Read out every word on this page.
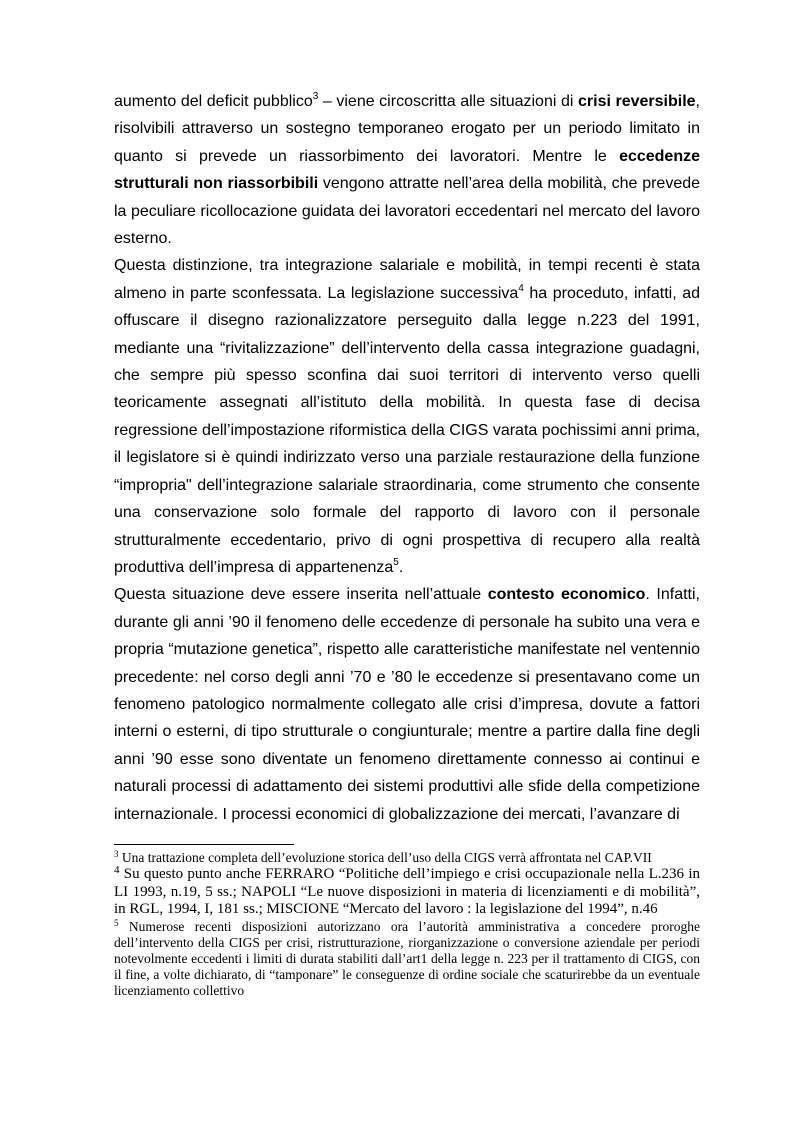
aumento del deficit pubblico$^3$ – viene circoscritta alle situazioni di crisi reversibile, risolvibili attraverso un sostegno temporaneo erogato per un periodo limitato in quanto si prevede un riassorbimento dei lavoratori. Mentre le eccedenze strutturali non riassorbibili vengono attratte nell’area della mobilità, che prevede la peculiare ricollocazione guidata dei lavoratori eccedentari nel mercato del lavoro esterno.

Questa distinzione, tra integrazione salariale e mobilità, in tempi recenti è stata almeno in parte sconfessata. La legislazione successiva$^4$ ha proceduto, infatti, ad offuscare il disegno razionalizzatore perseguito dalla legge n.223 del 1991, mediante una “rivitalizzazione” dell’intervento della cassa integrazione guadagni, che sempre più spesso sconfina dai suoi territori di intervento verso quelli teoricamente assegnati all’istituto della mobilità. In questa fase di decisa regressione dell’impostazione riformistica della CIGS varata pochissimi anni prima, il legislatore si è quindi indirizzato verso una parziale restaurazione della funzione “impropria" dell’integrazione salariale straordinaria, come strumento che consente una conservazione solo formale del rapporto di lavoro con il personale strutturalmente eccedentario, privo di ogni prospettiva di recupero alla realtà produttiva dell’impresa di appartenenza$^5$.

Questa situazione deve essere inserita nell’attuale contesto economico. Infatti, durante gli anni ’90 il fenomeno delle eccedenze di personale ha subito una vera e propria “mutazione genetica”, rispetto alle caratteristiche manifestate nel ventennio precedente: nel corso degli anni ’70 e ’80 le eccedenze si presentavano come un fenomeno patologico normalmente collegato alle crisi d’impresa, dovute a fattori interni o esterni, di tipo strutturale o congiunturale; mentre a partire dalla fine degli anni ’90 esse sono diventate un fenomeno direttamente connesso ai continui e naturali processi di adattamento dei sistemi produttivi alle sfide della competizione internazionale. I processi economici di globalizzazione dei mercati, l’avanzare di

$^3$ Una trattazione completa dell’evoluzione storica dell’uso della CIGS verrà affrontata nel CAP.VII

$^4$ Su questo punto anche FERRARO “Politiche dell’impiego e crisi occupazionale nella L.236 in LI 1993, n.19, 5 ss.; NAPOLI “Le nuove disposizioni in materia di licenziamenti e di mobilità”, in RGL, 1994, I, 181 ss.; MISCIONE “Mercato del lavoro : la legislazione del 1994”, n.46

$^5$ Numerose recenti disposizioni autorizzano ora l’autorità amministrativa a concedere proroghe dell’intervento della CIGS per crisi, ristrutturazione, riorganizzazione o conversione aziendale per periodi notevolmente eccedenti i limiti di durata stabiliti dall’art1 della legge n. 223 per il trattamento di CIGS, con il fine, a volte dichiarato, di “tamponare” le conseguenze di ordine sociale che scaturirebbe da un eventuale licenziamento collettivo
